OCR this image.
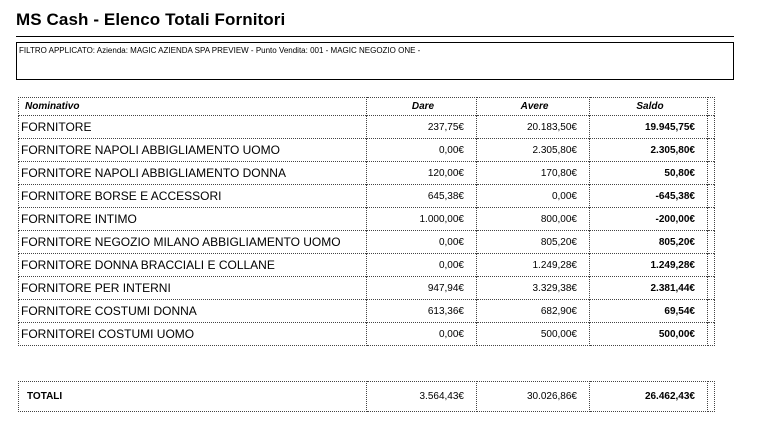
MS Cash - Elenco Totali Fornitori
FILTRO APPLICATO: Azienda: MAGIC AZIENDA SPA PREVIEW - Punto Vendita: 001 - MAGIC NEGOZIO ONE -
Nominativo	Dare	Avere	Saldo	
FORNITORE	237,75€	20.183,50€	19.945,75€	
FORNITORE NAPOLI ABBIGLIAMENTO UOMO	0,00€	2.305,80€	2.305,80€	
FORNITORE NAPOLI ABBIGLIAMENTO DONNA	120,00€	170,80€	50,80€	
FORNITORE BORSE E ACCESSORI	645,38€	0,00€	-645,38€	
FORNITORE INTIMO	1.000,00€	800,00€	-200,00€	
FORNITORE NEGOZIO MILANO ABBIGLIAMENTO UOMO	0,00€	805,20€	805,20€	
FORNITORE DONNA BRACCIALI E COLLANE	0,00€	1.249,28€	1.249,28€	
FORNITORE PER INTERNI	947,94€	3.329,38€	2.381,44€	
FORNITORE COSTUMI DONNA	613,36€	682,90€	69,54€	
FORNITOREI COSTUMI UOMO	0,00€	500,00€	500,00€	
TOTALI	3.564,43€	30.026,86€	26.462,43€	
